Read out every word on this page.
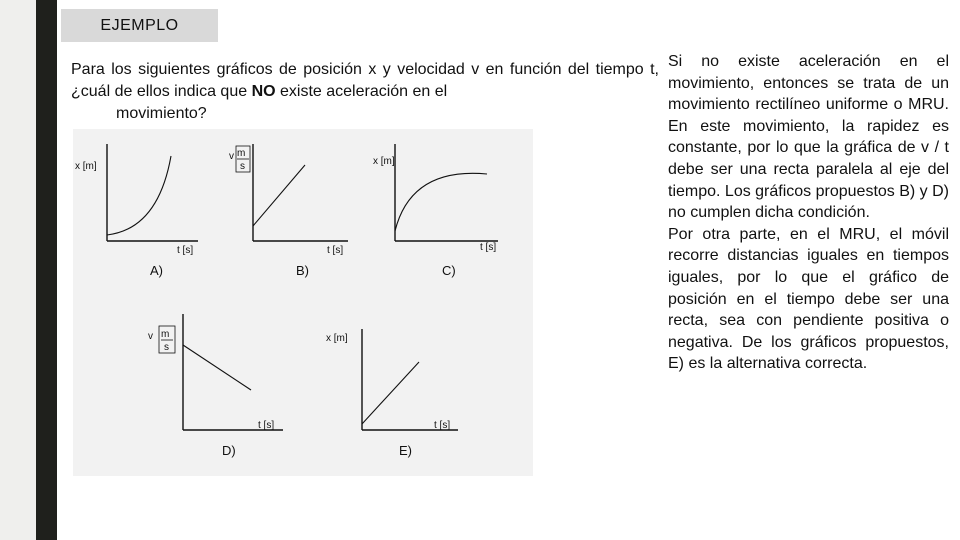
EJEMPLO
Para los siguientes gráficos de posición x y velocidad v en función del tiempo t, ¿cuál de ellos indica que NO existe aceleración en el
movimiento?

Si no existe aceleración en el movimiento, entonces se trata de un movimiento rectilíneo uniforme o MRU. En este movimiento, la rapidez es constante, por lo que la gráfica de v / t debe ser una recta paralela al eje del tiempo. Los gráficos propuestos B) y D) no cumplen dicha condición.

Por otra parte, en el MRU, el móvil recorre distancias iguales en tiempos iguales, por lo que el gráfico de posición en el tiempo debe ser una recta, sea con pendiente positiva o negativa. De los gráficos propuestos, E) es la alternativa correcta.

x [m]
t [s]
A)
v m
s
t [s]
B)
x [m]
t [s]
C)
v m
s
t [s]
D)
x [m]
t [s]
E)
